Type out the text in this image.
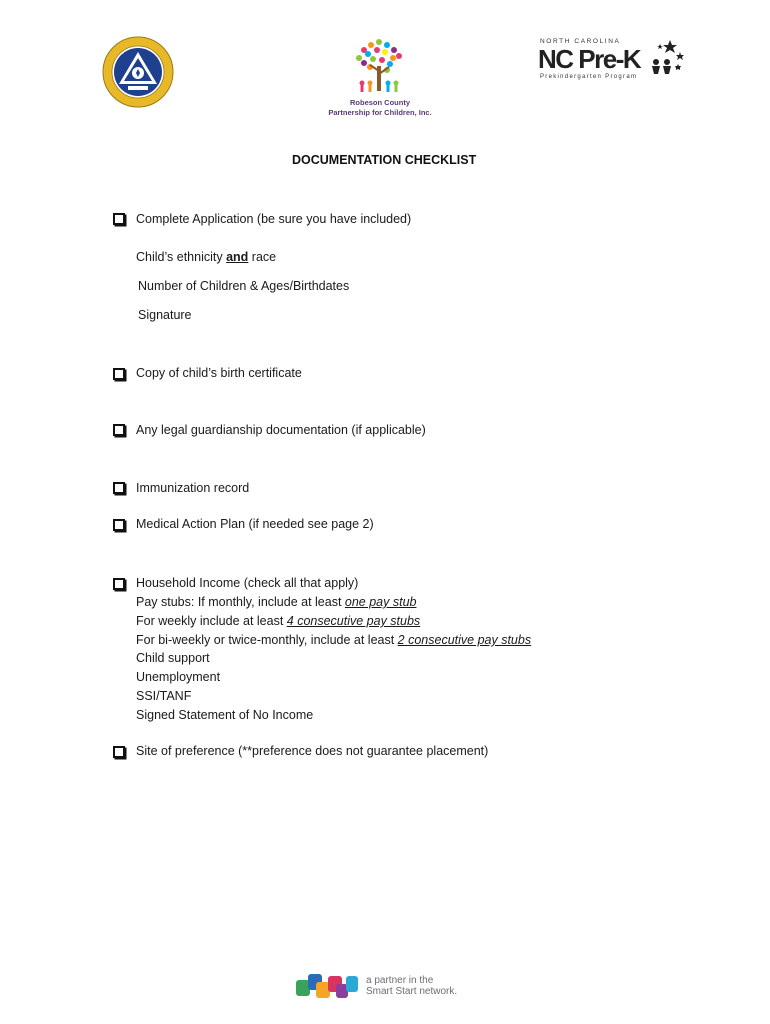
Robeson County
Partnership for Children, Inc.
NORTH CAROLINA
NC Pre-K
Prekindergarten Program
DOCUMENTATION CHECKLIST
Complete Application (be sure you have included)
Child’s ethnicity and race
Number of Children & Ages/Birthdates
Signature
Copy of child’s birth certificate
Any legal guardianship documentation (if applicable)
Immunization record
Medical Action Plan (if needed see page 2)
Household Income (check all that apply)
Pay stubs: If monthly, include at least one pay stub
For weekly include at least 4 consecutive pay stubs
For bi-weekly or twice-monthly, include at least 2 consecutive pay stubs
Child support
Unemployment
SSI/TANF
Signed Statement of No Income
Site of preference (**preference does not guarantee placement)
a partner in the
Smart Start network.
